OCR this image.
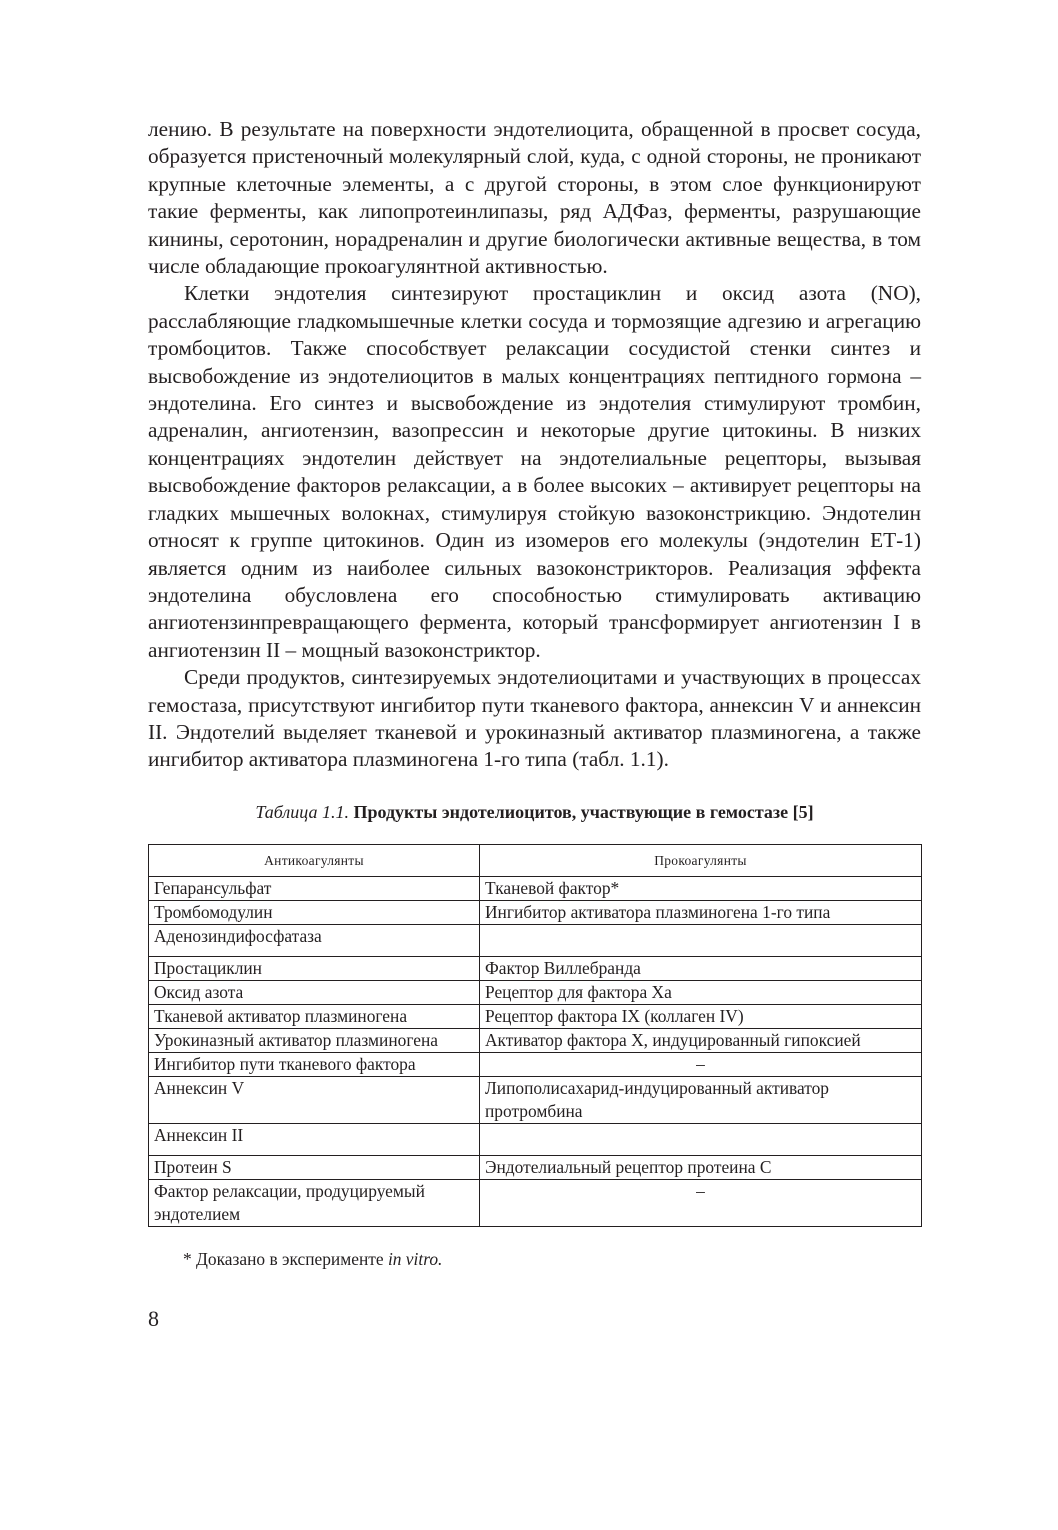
лению. В результате на поверхности эндотелиоцита, обращенной в просвет сосуда, образуется пристеночный молекулярный слой, куда, с одной стороны, не проникают крупные клеточные элементы, а с другой стороны, в этом слое функционируют такие ферменты, как липопротеинлипазы, ряд АДФаз, ферменты, разрушающие кинины, серотонин, норадреналин и другие биологически активные вещества, в том числе обладающие прокоагулянтной активностью.

Клетки эндотелия синтезируют простациклин и оксид азота (NO), расслабляющие гладкомышечные клетки сосуда и тормозящие адгезию и агрегацию тромбоцитов. Также способствует релаксации сосудистой стенки синтез и высвобождение из эндотелиоцитов в малых концентрациях пептидного гормона – эндотелина. Его синтез и высвобождение из эндотелия стимулируют тромбин, адреналин, ангиотензин, вазопрессин и некоторые другие цитокины. В низких концентрациях эндотелин действует на эндотелиальные рецепторы, вызывая высвобождение факторов релаксации, а в более высоких – активирует рецепторы на гладких мышечных волокнах, стимулируя стойкую вазоконстрикцию. Эндотелин относят к группе цитокинов. Один из изомеров его молекулы (эндотелин ЕТ-1) является одним из наиболее сильных вазоконстрикторов. Реализация эффекта эндотелина обусловлена его способностью стимулировать активацию ангиотензинпревращающего фермента, который трансформирует ангиотензин I в ангиотензин II – мощный вазоконстриктор.

Среди продуктов, синтезируемых эндотелиоцитами и участвующих в процессах гемостаза, присутствуют ингибитор пути тканевого фактора, аннексин V и аннексин II. Эндотелий выделяет тканевой и урокиназный активатор плазминогена, а также ингибитор активатора плазминогена 1-го типа (табл. 1.1).

Таблица 1.1. Продукты эндотелиоцитов, участвующие в гемостазе [5]
Антикоагулянты	Прокоагулянты
Гепарансульфат	Тканевой фактор*
Тромбомодулин	Ингибитор активатора плазминогена 1-го типа
Аденозиндифосфатаза	
Простациклин	Фактор Виллебранда
Оксид азота	Рецептор для фактора Ха
Тканевой активатор плазминогена	Рецептор фактора IX (коллаген IV)
Урокиназный активатор плазминогена	Активатор фактора Х, индуцированный гипоксией
Ингибитор пути тканевого фактора	–
Аннексин V	Липополисахарид-индуцированный активатор протромбина
Аннексин II	
Протеин S	Эндотелиальный рецептор протеина С
Фактор релаксации, продуцируемый эндотелием	–
* Доказано в эксперименте in vitro.
8
